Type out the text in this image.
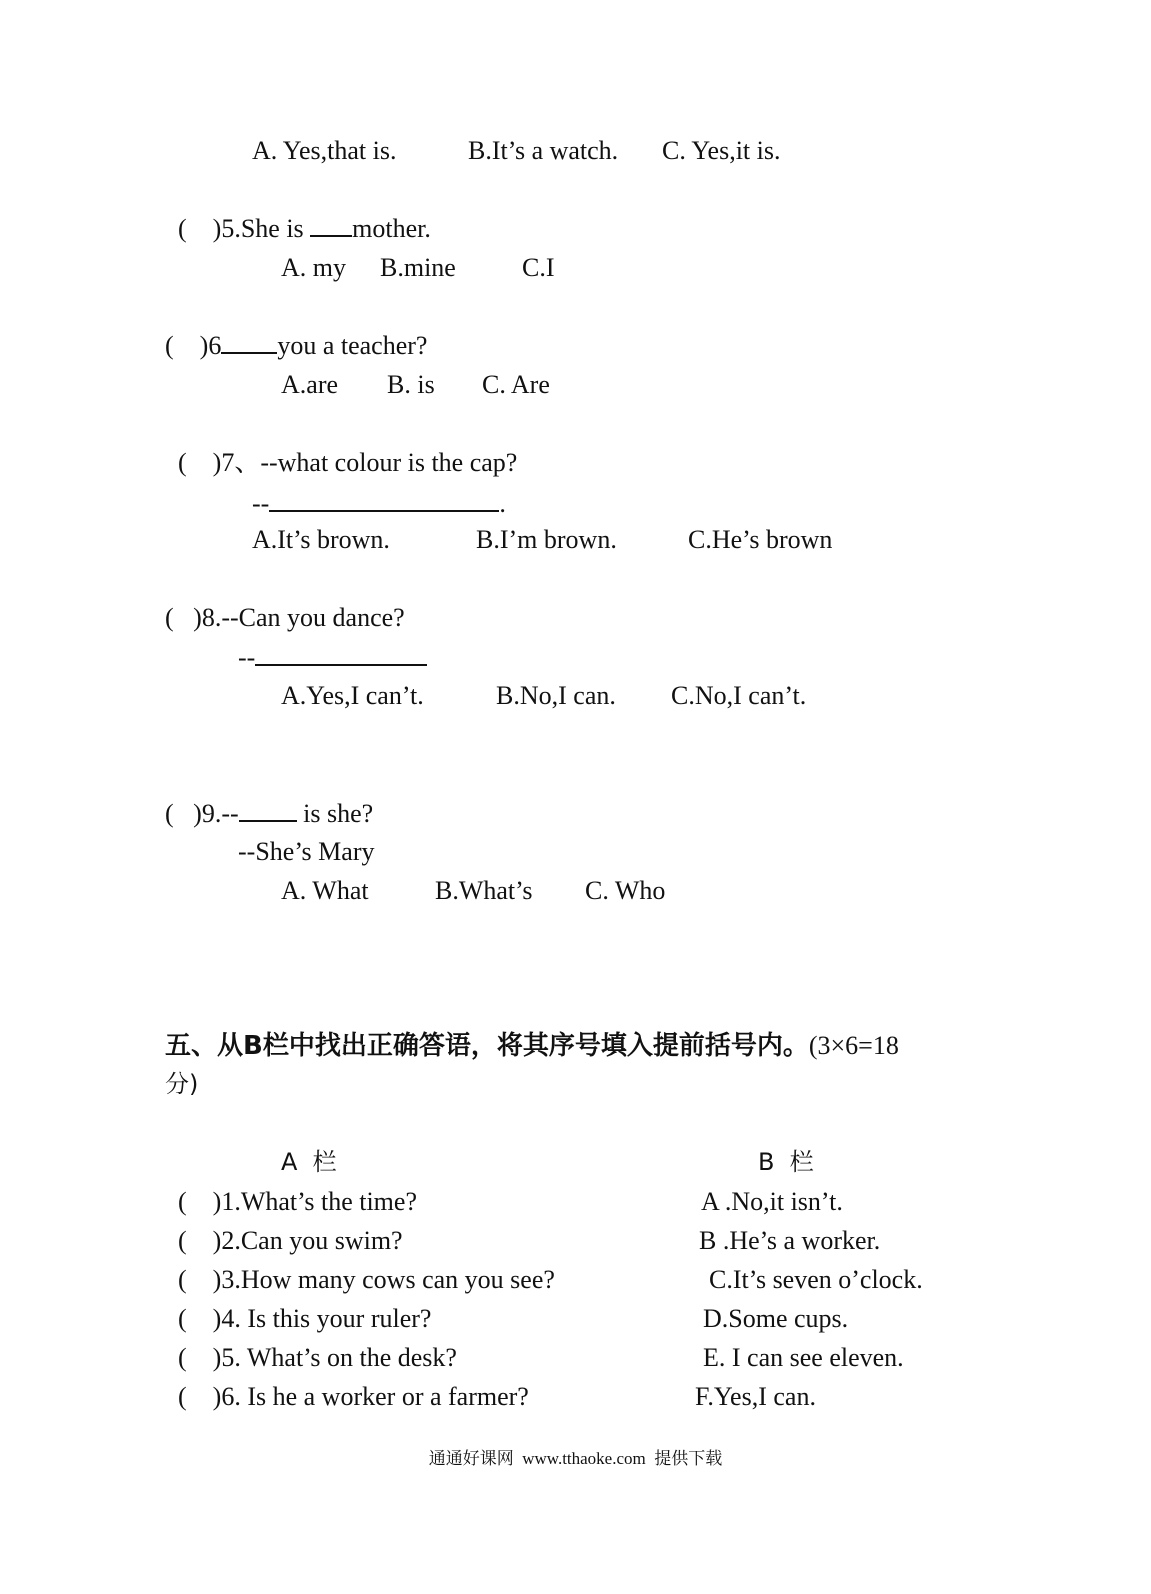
A. Yes,that is.	B.It’s a watch. C. Yes,it is.
(    )5.She is mother.
A. my B.mine	C.I
(    )6 you a teacher?
A.are B. is C. Are
(    )7、--what colour is the cap?
--	.
A.It’s brown.	B.I’m brown.	C.He’s brown
(   )8.--Can you dance?
--
A.Yes,I can’t.	B.No,I can. C.No,I can’t.
(   )9.-- is she?
--She’s Mary
A. What	B.What’s C. Who
五、从B栏中找出正确答语，将其序号填入提前括号内。(3×6=18
分)
A  栏	B  栏
(    )1.What’s the time?	A .No,it isn’t.
(    )2.Can you swim?	B .He’s a worker.
(    )3.How many cows can you see?	C.It’s seven o’clock.
(    )4. Is this your ruler?	D.Some cups.
(    )5. What’s on the desk?	E. I can see eleven.
(    )6. Is he a worker or a farmer?	F.Yes,I can.
通通好课网 www.tthaoke.com 提供下载
